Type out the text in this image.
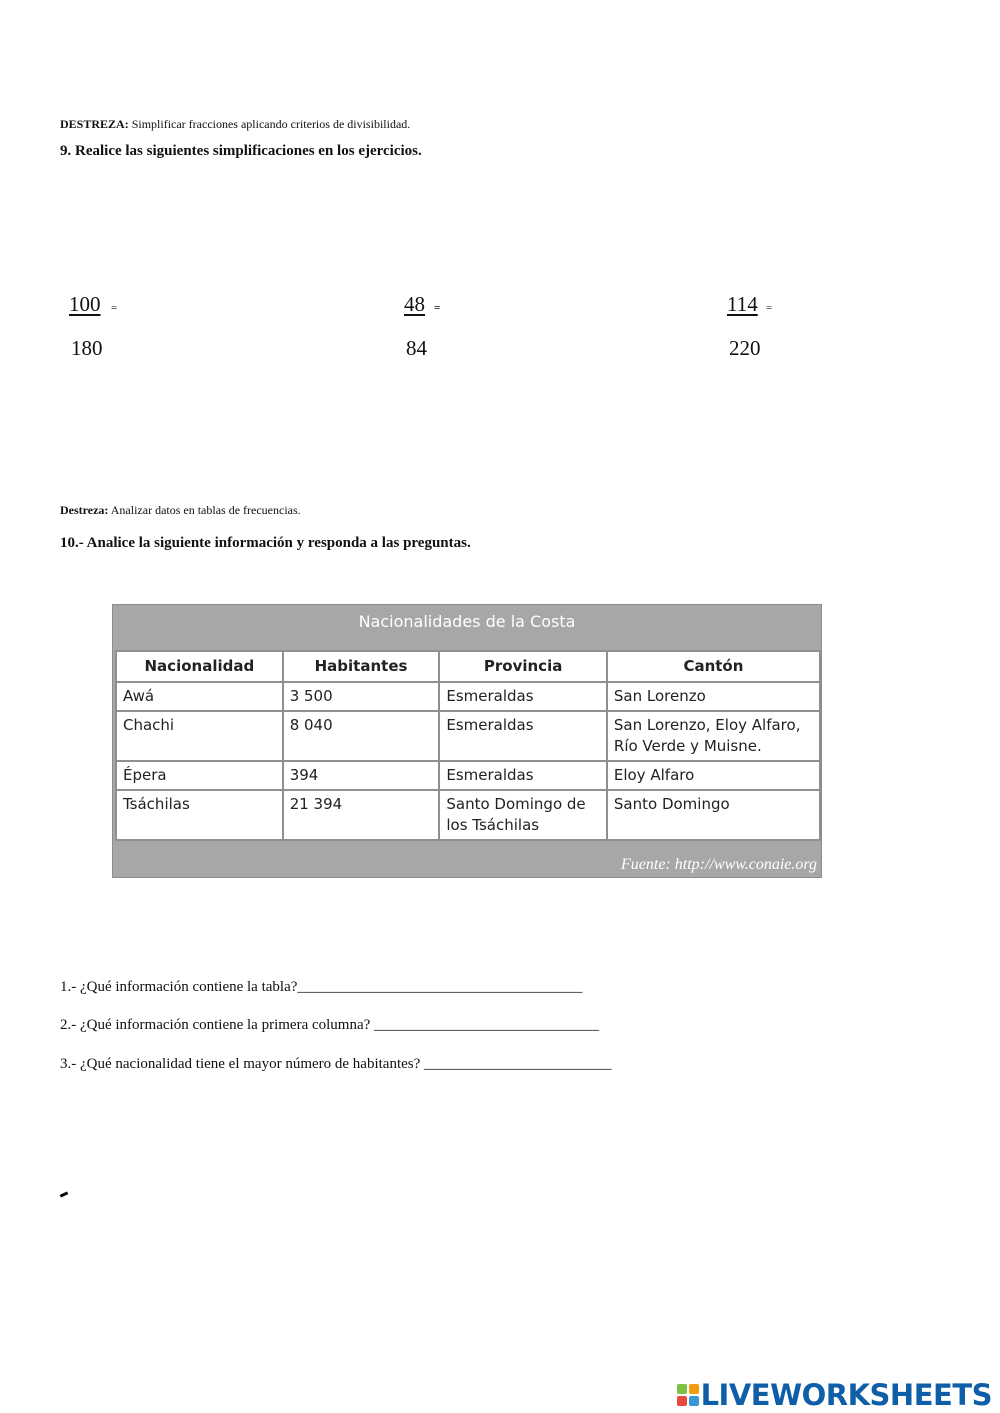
DESTREZA: Simplificar fracciones aplicando criterios de divisibilidad.
9. Realice las siguientes simplificaciones en los ejercicios.
100 =
180
48 =
84
114 =
220
Destreza: Analizar datos en tablas de frecuencias.
10.- Analice la siguiente información y responda a las preguntas.
Nacionalidades de la Costa
Nacionalidad	Habitantes	Provincia	Cantón
Awá	3 500	Esmeraldas	San Lorenzo
Chachi	8 040	Esmeraldas	San Lorenzo, Eloy Alfaro, Río Verde y Muisne.
Épera	394	Esmeraldas	Eloy Alfaro
Tsáchilas	21 394	Santo Domingo de los Tsáchilas	Santo Domingo
Fuente: http://www.conaie.org
1.- ¿Qué información contiene la tabla?______________________________________
2.- ¿Qué información contiene la primera columna? ______________________________
3.- ¿Qué nacionalidad tiene el mayor número de habitantes? _________________________
LIVEWORKSHEETS
